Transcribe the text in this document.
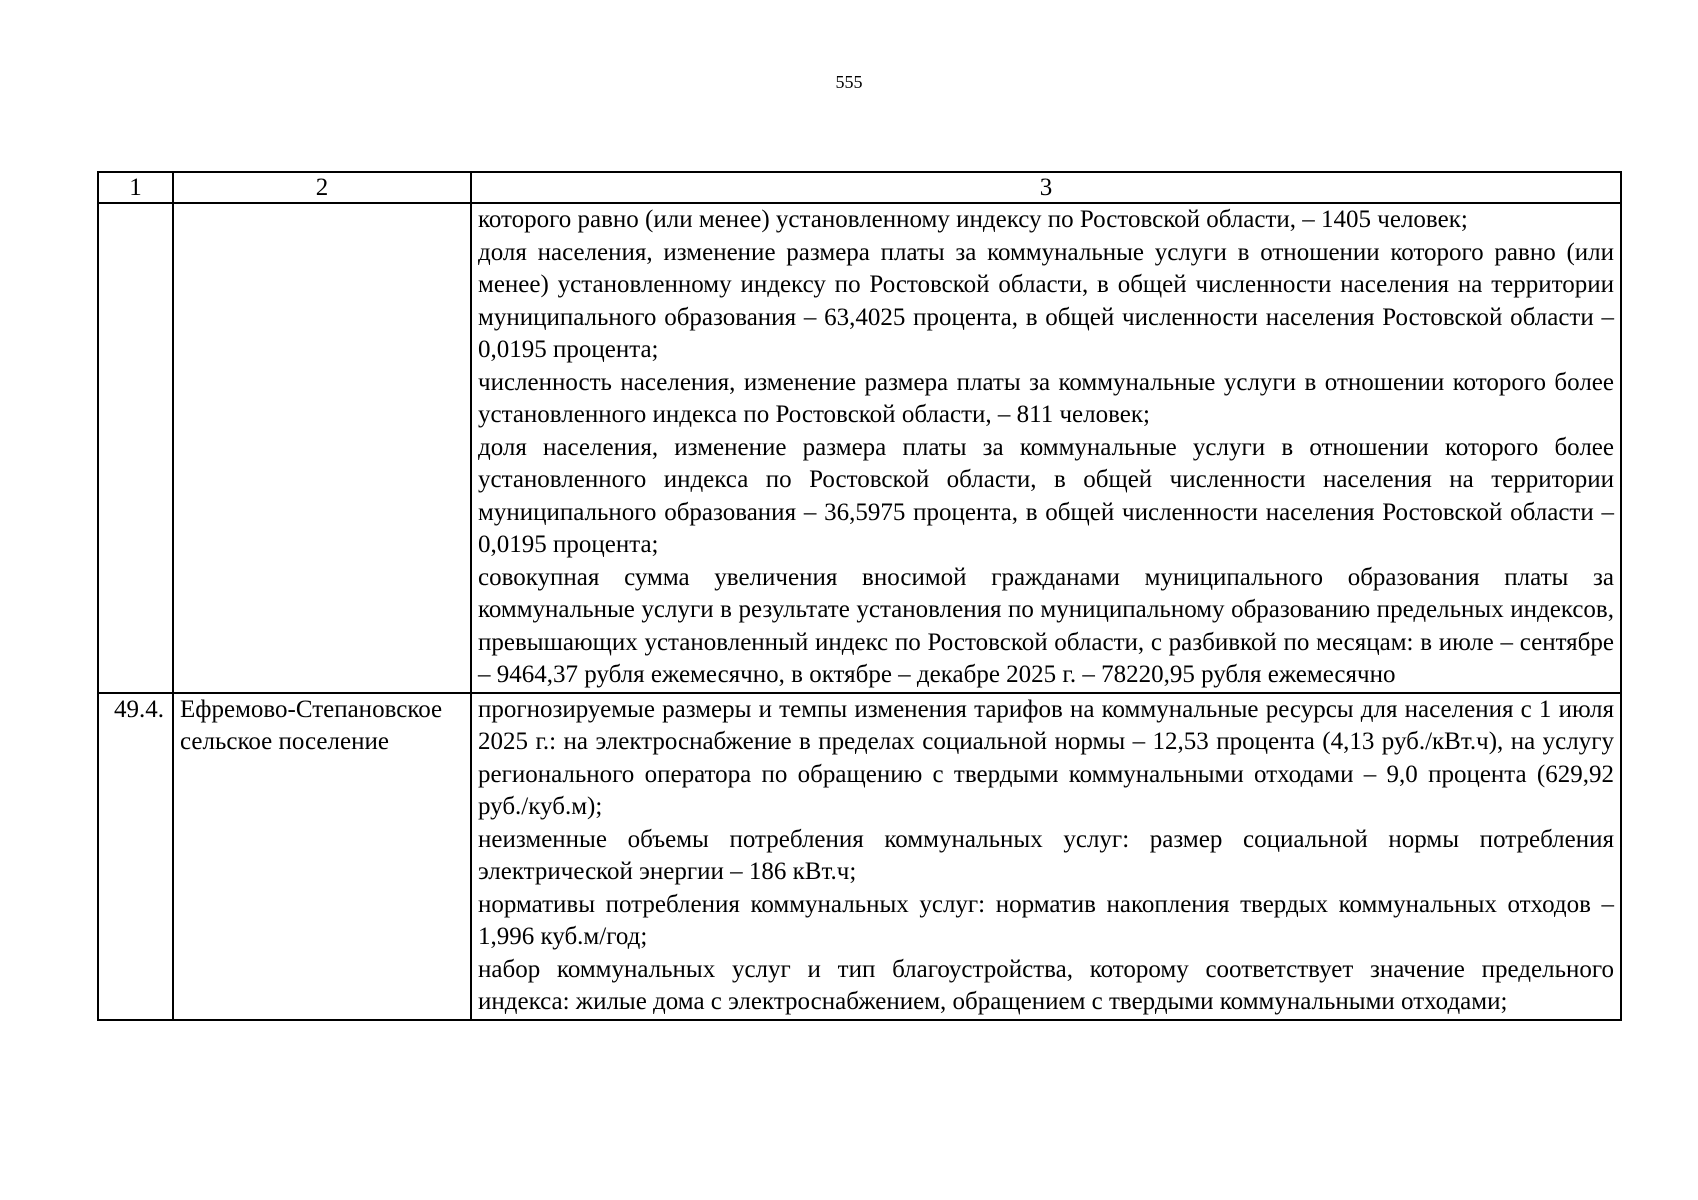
555
1	2	3

		которого равно (или менее) установленному индексу по Ростовской области, – 1405 человек;

доля населения, изменение размера платы за коммунальные услуги в отношении которого равно (или менее) установленному индексу по Ростовской области, в общей численности населения на территории муниципального образования – 63,4025 процента, в общей численности населения Ростовской области – 0,0195 процента;

численность населения, изменение размера платы за коммунальные услуги в отношении которого более установленного индекса по Ростовской области, – 811 человек;

доля населения, изменение размера платы за коммунальные услуги в отношении которого более установленного индекса по Ростовской области, в общей численности населения на территории муниципального образования – 36,5975 процента, в общей численности населения Ростовской области – 0,0195 процента;

совокупная сумма увеличения вносимой гражданами муниципального образования платы за коммунальные услуги в результате установления по муниципальному образованию предельных индексов, превышающих установленный индекс по Ростовской области, с разбивкой по месяцам: в июле – сентябре – 9464,37 рубля ежемесячно, в октябре – декабре 2025 г. – 78220,95 рубля ежемесячно

49.4.	Ефремово-Степановское сельское поселение	прогнозируемые размеры и темпы изменения тарифов на коммунальные ресурсы для населения с 1 июля 2025 г.: на электроснабжение в пределах социальной нормы – 12,53 процента (4,13 руб./кВт.ч), на услугу регионального оператора по обращению с твердыми коммунальными отходами – 9,0 процента (629,92 руб./куб.м);

неизменные объемы потребления коммунальных услуг: размер социальной нормы потребления электрической энергии – 186 кВт.ч;

нормативы потребления коммунальных услуг: норматив накопления твердых коммунальных отходов – 1,996 куб.м/год;

набор коммунальных услуг и тип благоустройства, которому соответствует значение предельного индекса: жилые дома с электроснабжением, обращением с твердыми коммунальными отходами;
